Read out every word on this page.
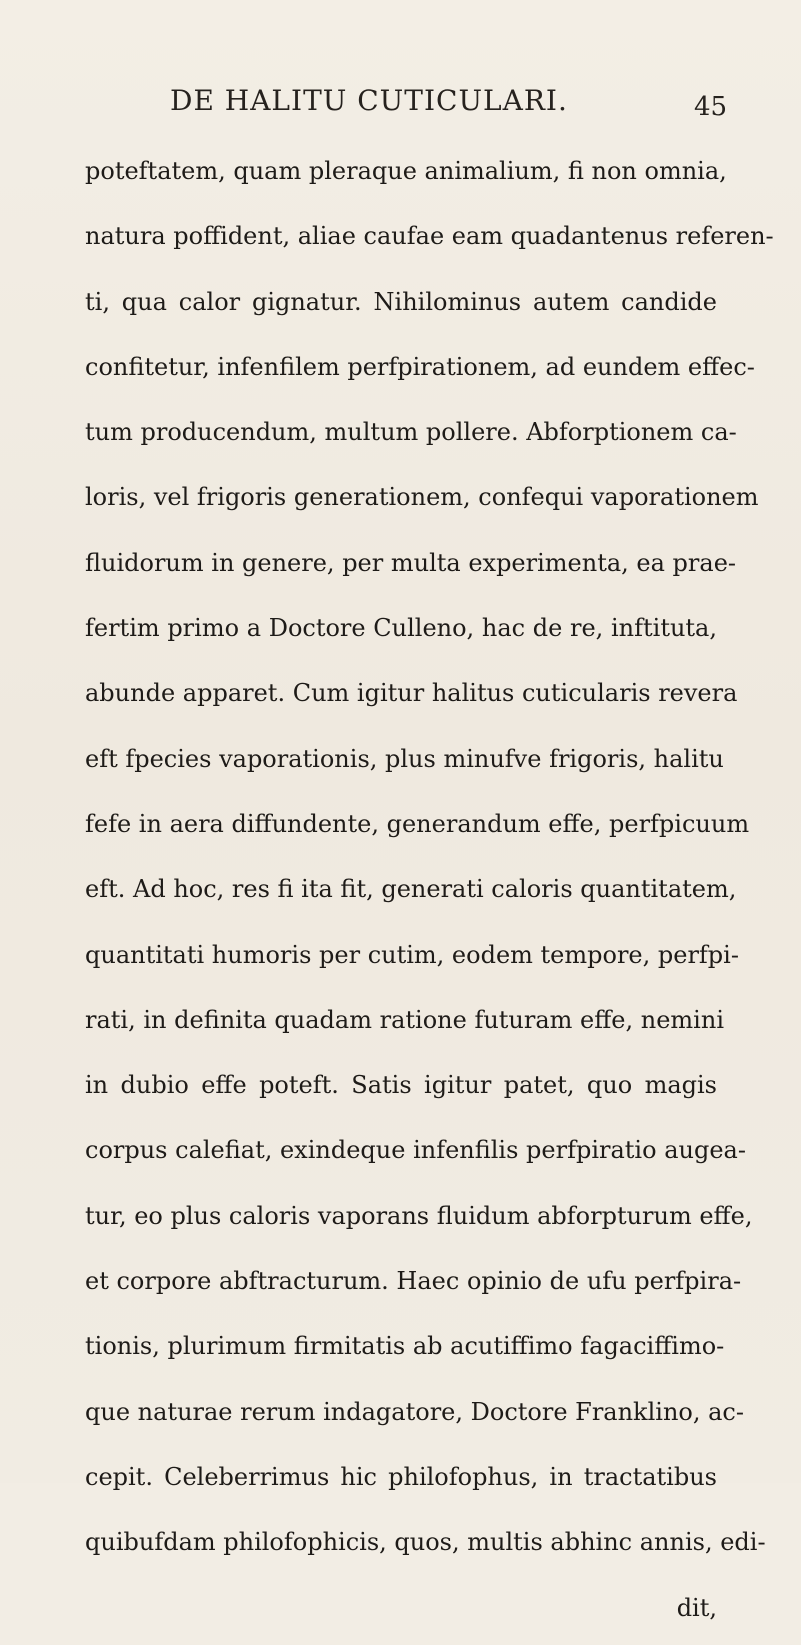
DE HALITU CUTICULARI.	45
poteftatem, quam pleraque animalium, fi non omnia,
natura poffident, aliae caufae eam quadantenus referen-
ti, qua calor gignatur. Nihilominus autem candide
confitetur, infenfilem perfpirationem, ad eundem effec-
tum producendum, multum pollere. Abforptionem ca-
loris, vel frigoris generationem, confequi vaporationem
fluidorum in genere, per multa experimenta, ea prae-
fertim primo a Doctore Culleno, hac de re, inftituta,
abunde apparet. Cum igitur halitus cuticularis revera
eft fpecies vaporationis, plus minufve frigoris, halitu
fefe in aera diffundente, generandum effe, perfpicuum
eft. Ad hoc, res fi ita fit, generati caloris quantitatem,
quantitati humoris per cutim, eodem tempore, perfpi-
rati, in definita quadam ratione futuram effe, nemini
in dubio effe poteft. Satis igitur patet, quo magis
corpus calefiat, exindeque infenfilis perfpiratio augea-
tur, eo plus caloris vaporans fluidum abforpturum effe,
et corpore abftracturum. Haec opinio de ufu perfpira-
tionis, plurimum firmitatis ab acutiffimo fagaciffimo-
que naturae rerum indagatore, Doctore Franklino, ac-
cepit. Celeberrimus hic philofophus, in tractatibus
quibufdam philofophicis, quos, multis abhinc annis, edi-
dit,
